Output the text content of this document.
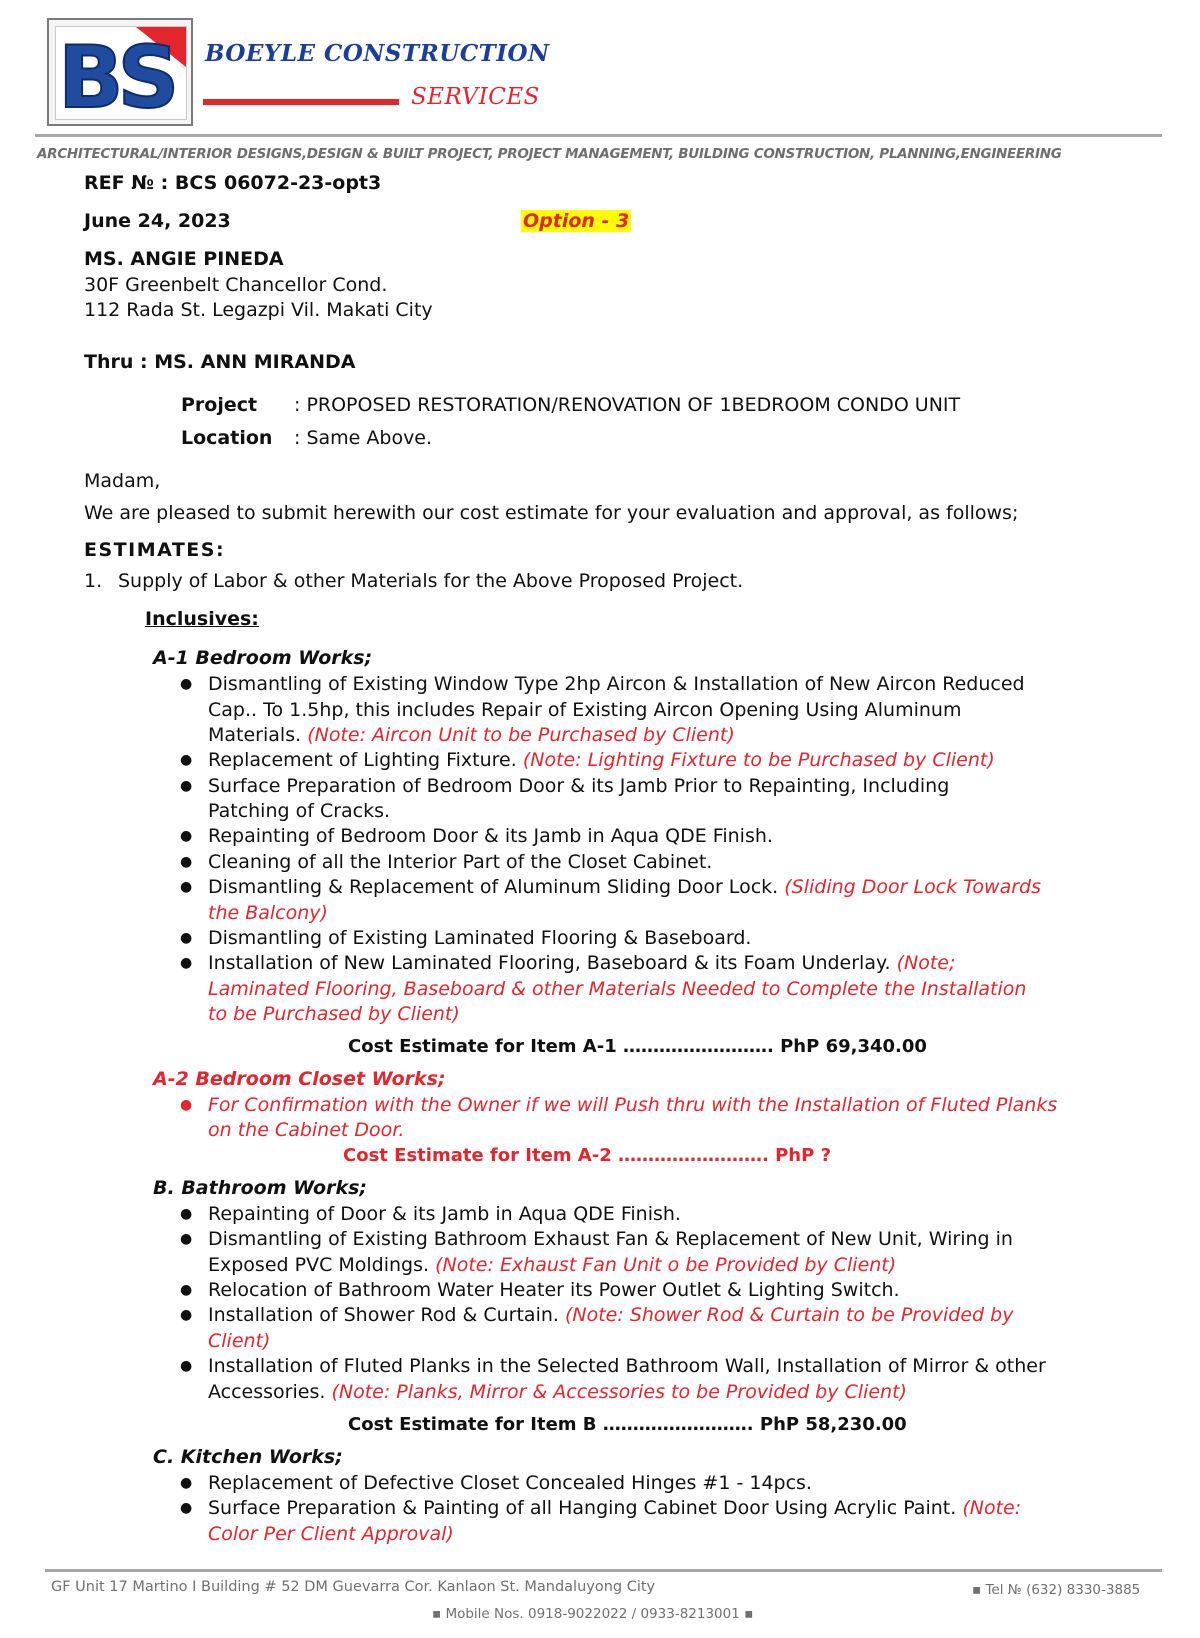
BS BOEYLE CONSTRUCTION
SERVICES
ARCHITECTURAL/INTERIOR DESIGNS,DESIGN & BUILT PROJECT, PROJECT MANAGEMENT, BUILDING CONSTRUCTION, PLANNING,ENGINEERING
REF № : BCS 06072-23-opt3
June 24, 2023	Option - 3
MS. ANGIE PINEDA
30F Greenbelt Chancellor Cond.
112 Rada St. Legazpi Vil. Makati City
Thru : MS. ANN MIRANDA
Project : PROPOSED RESTORATION/RENOVATION OF 1BEDROOM CONDO UNIT
Location : Same Above.
Madam,
We are pleased to submit herewith our cost estimate for your evaluation and approval, as follows;
ESTIMATES:
1. Supply of Labor & other Materials for the Above Proposed Project.
Inclusives:
A-1 Bedroom Works;
● Dismantling of Existing Window Type 2hp Aircon & Installation of New Aircon Reduced
Cap.. To 1.5hp, this includes Repair of Existing Aircon Opening Using Aluminum
Materials. (Note: Aircon Unit to be Purchased by Client)
● Replacement of Lighting Fixture. (Note: Lighting Fixture to be Purchased by Client)
● Surface Preparation of Bedroom Door & its Jamb Prior to Repainting, Including
Patching of Cracks.
● Repainting of Bedroom Door & its Jamb in Aqua QDE Finish.
● Cleaning of all the Interior Part of the Closet Cabinet.
● Dismantling & Replacement of Aluminum Sliding Door Lock. (Sliding Door Lock Towards
the Balcony)
● Dismantling of Existing Laminated Flooring & Baseboard.
● Installation of New Laminated Flooring, Baseboard & its Foam Underlay. (Note;
Laminated Flooring, Baseboard & other Materials Needed to Complete the Installation
to be Purchased by Client)
Cost Estimate for Item A-1 ……………………. PhP 69,340.00
A-2 Bedroom Closet Works;
● For Confirmation with the Owner if we will Push thru with the Installation of Fluted Planks
on the Cabinet Door.
Cost Estimate for Item A-2 ……………………. PhP ?
B. Bathroom Works;
● Repainting of Door & its Jamb in Aqua QDE Finish.
● Dismantling of Existing Bathroom Exhaust Fan & Replacement of New Unit, Wiring in
Exposed PVC Moldings. (Note: Exhaust Fan Unit o be Provided by Client)
● Relocation of Bathroom Water Heater its Power Outlet & Lighting Switch.
● Installation of Shower Rod & Curtain. (Note: Shower Rod & Curtain to be Provided by
Client)
● Installation of Fluted Planks in the Selected Bathroom Wall, Installation of Mirror & other
Accessories. (Note: Planks, Mirror & Accessories to be Provided by Client)
Cost Estimate for Item B ……………………. PhP 58,230.00
C. Kitchen Works;
● Replacement of Defective Closet Concealed Hinges #1 - 14pcs.
● Surface Preparation & Painting of all Hanging Cabinet Door Using Acrylic Paint. (Note:
Color Per Client Approval)
GF Unit 17 Martino I Building # 52 DM Guevarra Cor. Kanlaon St. Mandaluyong City	▪ Tel № (632) 8330-3885
▪ Mobile Nos. 0918-9022022 / 0933-8213001 ▪
